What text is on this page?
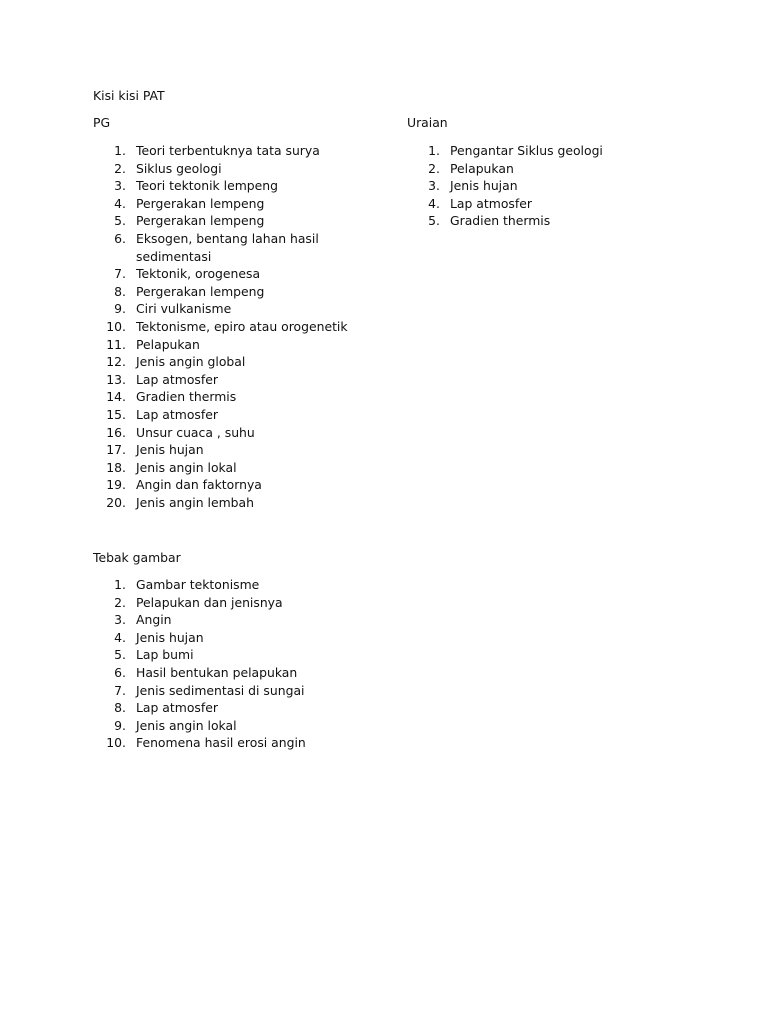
Kisi kisi PAT
PG
1. Teori terbentuknya tata surya
2. Siklus geologi
3. Teori tektonik lempeng
4. Pergerakan lempeng
5. Pergerakan lempeng
6. Eksogen, bentang lahan hasil sedimentasi
7. Tektonik, orogenesa
8. Pergerakan lempeng
9. Ciri vulkanisme
10. Tektonisme, epiro atau orogenetik
11. Pelapukan
12. Jenis angin global
13. Lap atmosfer
14. Gradien thermis
15. Lap atmosfer
16. Unsur cuaca , suhu
17. Jenis hujan
18. Jenis angin lokal
19. Angin dan faktornya
20. Jenis angin lembah
Uraian
1. Pengantar Siklus geologi
2. Pelapukan
3. Jenis hujan
4. Lap atmosfer
5. Gradien thermis
Tebak gambar
1. Gambar tektonisme
2. Pelapukan dan jenisnya
3. Angin
4. Jenis hujan
5. Lap bumi
6. Hasil bentukan pelapukan
7. Jenis sedimentasi di sungai
8. Lap atmosfer
9. Jenis angin lokal
10. Fenomena hasil erosi angin
